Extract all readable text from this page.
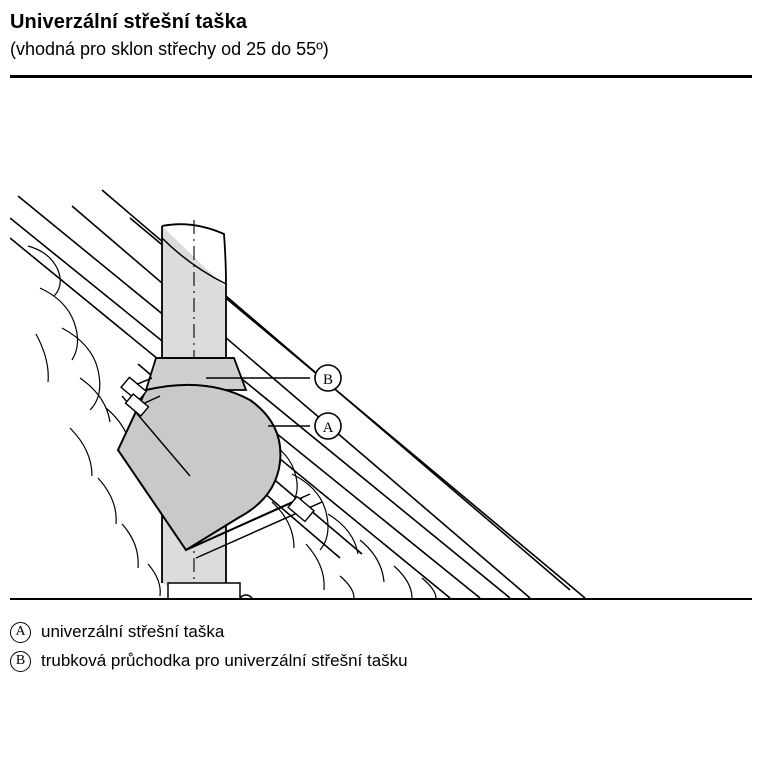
Univerzální střešní taška
(vhodná pro sklon střechy od 25 do 55º)
B
A
A univerzální střešní taška
B trubková průchodka pro univerzální střešní tašku
